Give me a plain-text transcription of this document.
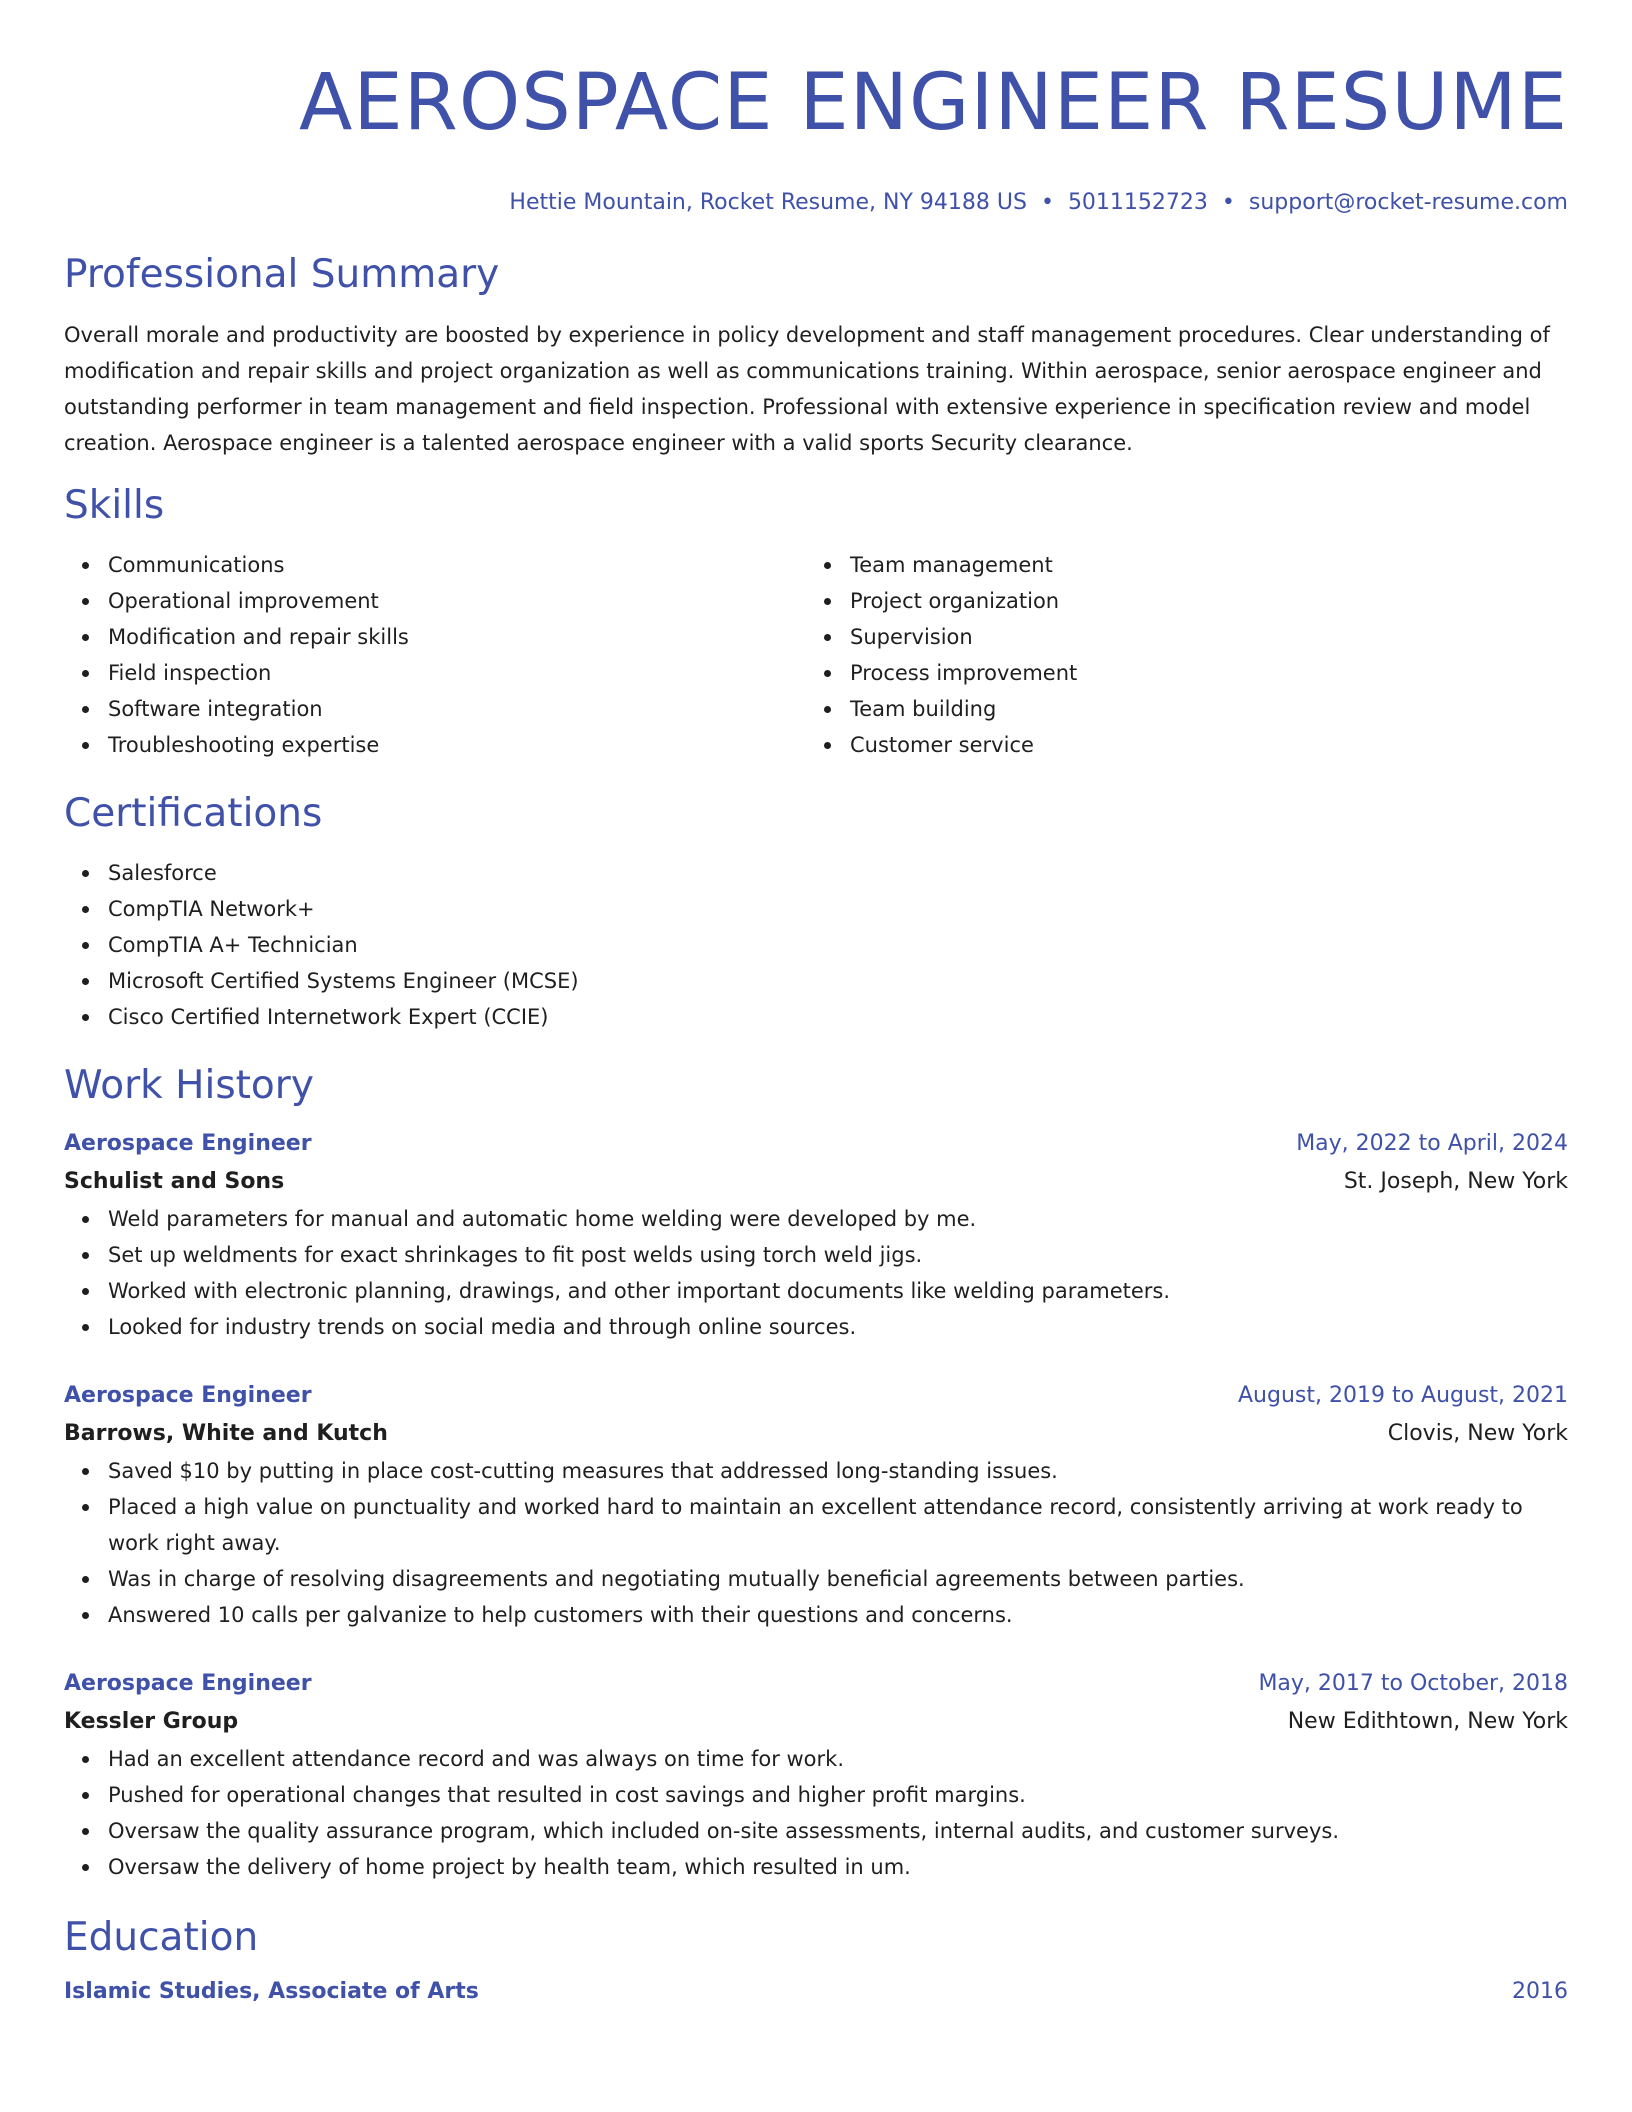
AEROSPACE ENGINEER RESUME
Hettie Mountain, Rocket Resume, NY 94188 US • 5011152723 • support@rocket-resume.com
Professional Summary

Overall morale and productivity are boosted by experience in policy development and staff management procedures. Clear understanding of modification and repair skills and project organization as well as communications training. Within aerospace, senior aerospace engineer and outstanding performer in team management and field inspection. Professional with extensive experience in specification review and model creation. Aerospace engineer is a talented aerospace engineer with a valid sports Security clearance.

Skills
Communications
Operational improvement
Modification and repair skills
Field inspection
Software integration
Troubleshooting expertise
Team management
Project organization
Supervision
Process improvement
Team building
Customer service
Certifications
Salesforce
CompTIA Network+
CompTIA A+ Technician
Microsoft Certified Systems Engineer (MCSE)
Cisco Certified Internetwork Expert (CCIE)
Work History
Aerospace Engineer	May, 2022 to April, 2024
Schulist and Sons	St. Joseph, New York
Weld parameters for manual and automatic home welding were developed by me.
Set up weldments for exact shrinkages to fit post welds using torch weld jigs.
Worked with electronic planning, drawings, and other important documents like welding parameters.
Looked for industry trends on social media and through online sources.
Aerospace Engineer	August, 2019 to August, 2021
Barrows, White and Kutch	Clovis, New York
Saved $10 by putting in place cost-cutting measures that addressed long-standing issues.
Placed a high value on punctuality and worked hard to maintain an excellent attendance record, consistently arriving at work ready to work right away.
Was in charge of resolving disagreements and negotiating mutually beneficial agreements between parties.
Answered 10 calls per galvanize to help customers with their questions and concerns.
Aerospace Engineer	May, 2017 to October, 2018
Kessler Group	New Edithtown, New York
Had an excellent attendance record and was always on time for work.
Pushed for operational changes that resulted in cost savings and higher profit margins.
Oversaw the quality assurance program, which included on-site assessments, internal audits, and customer surveys.
Oversaw the delivery of home project by health team, which resulted in um.
Education
Islamic Studies, Associate of Arts	2016
